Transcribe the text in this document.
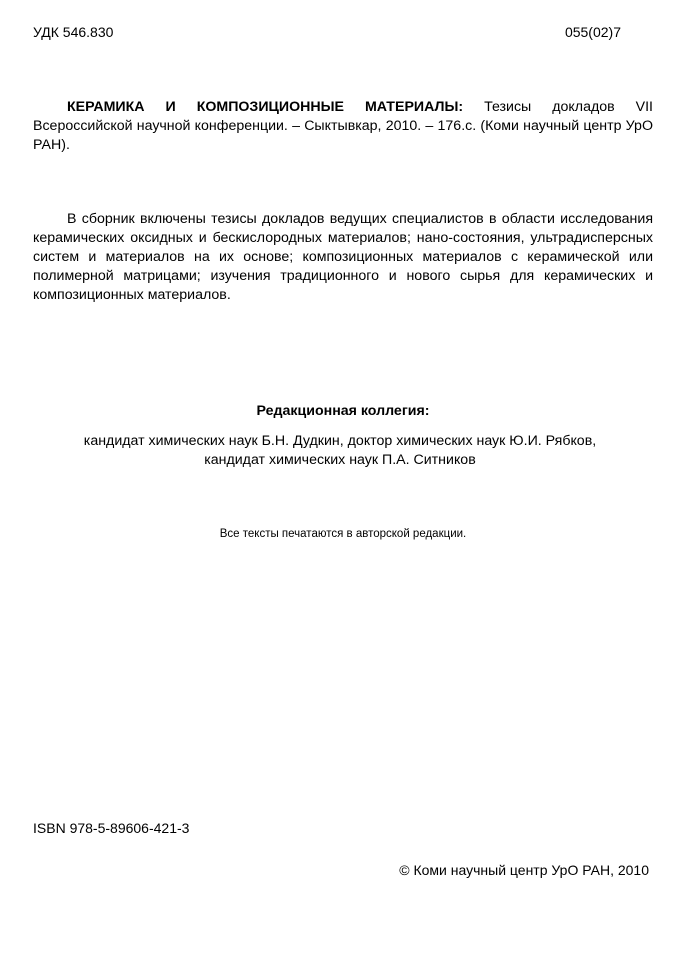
УДК 546.830	055(02)7
КЕРАМИКА И КОМПОЗИЦИОННЫЕ МАТЕРИАЛЫ: Тезисы докладов VII Всероссийской научной конференции. – Сыктывкар, 2010. – 176.с. (Коми научный центр УрО РАН).
В сборник включены тезисы докладов ведущих специалистов в области исследования керамических оксидных и бескислородных материалов; нано-состояния, ультрадисперсных систем и материалов на их основе; композиционных материалов с керамической или полимерной матрицами; изучения традиционного и нового сырья для керамических и композиционных материалов.
Редакционная коллегия:
кандидат химических наук Б.Н. Дудкин, доктор химических наук Ю.И. Рябков,
кандидат химических наук П.А. Ситников
Все тексты печатаются в авторской редакции.
ISBN 978-5-89606-421-3
© Коми научный центр УрО РАН, 2010
